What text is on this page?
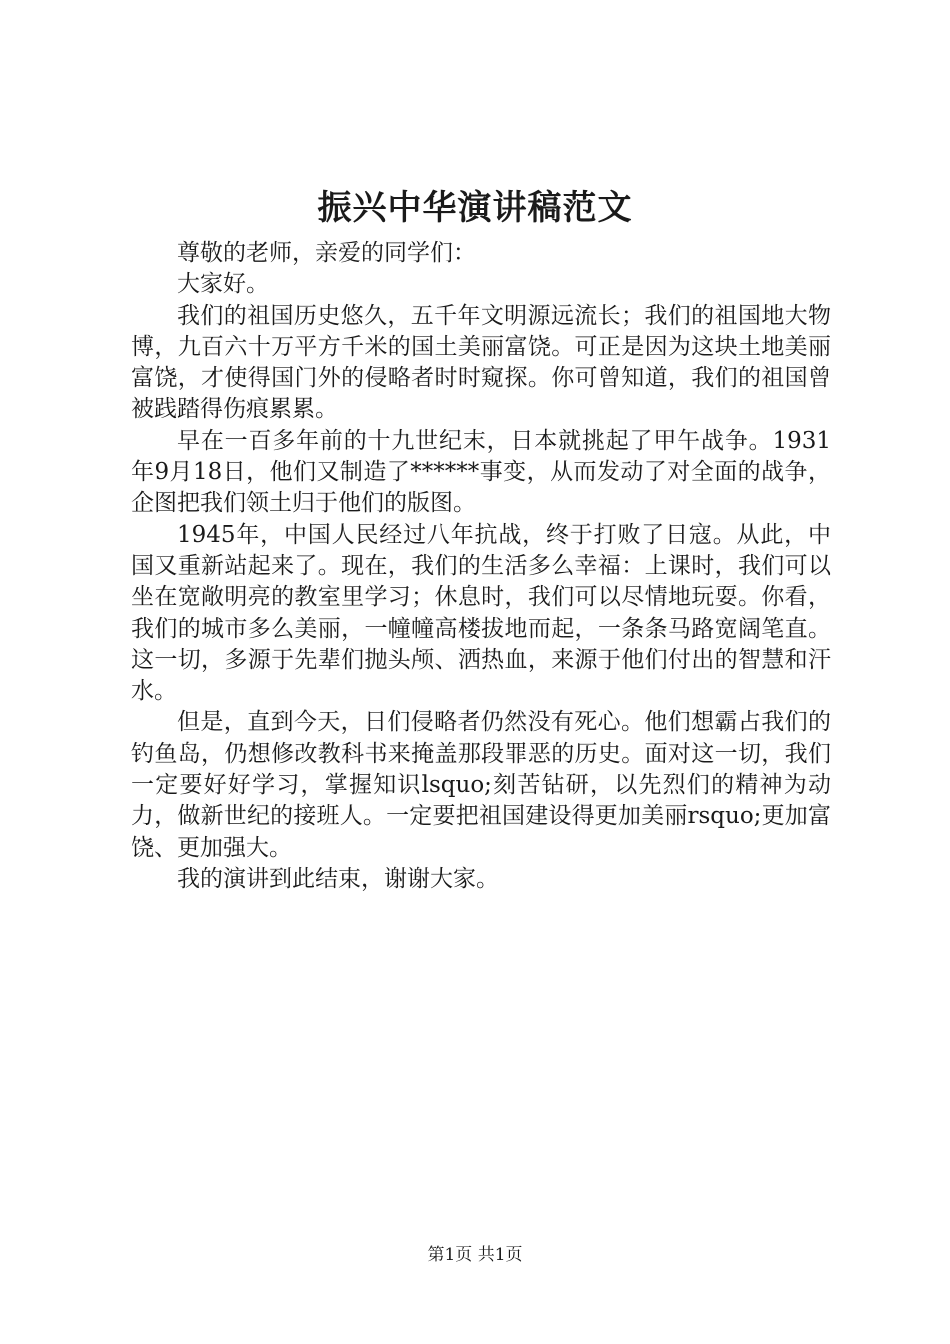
振兴中华演讲稿范文

尊敬的老师，亲爱的同学们：

大家好。

我们的祖国历史悠久，五千年文明源远流长；我们的祖国地大物博，九百六十万平方千米的国土美丽富饶。可正是因为这块土地美丽富饶，才使得国门外的侵略者时时窥探。你可曾知道，我们的祖国曾被践踏得伤痕累累。

早在一百多年前的十九世纪末，日本就挑起了甲午战争。1931年9月18日，他们又制造了******事变，从而发动了对全面的战争，企图把我们领土归于他们的版图。

1945年，中国人民经过八年抗战，终于打败了日寇。从此，中国又重新站起来了。现在，我们的生活多么幸福：上课时，我们可以坐在宽敞明亮的教室里学习；休息时，我们可以尽情地玩耍。你看，我们的城市多么美丽，一幢幢高楼拔地而起，一条条马路宽阔笔直。这一切，多源于先辈们抛头颅、洒热血，来源于他们付出的智慧和汗水。

但是，直到今天，日们侵略者仍然没有死心。他们想霸占我们的钓鱼岛，仍想修改教科书来掩盖那段罪恶的历史。面对这一切，我们一定要好好学习，掌握知识lsquo;刻苦钻研，以先烈们的精神为动力，做新世纪的接班人。一定要把祖国建设得更加美丽rsquo;更加富饶、更加强大。

我的演讲到此结束，谢谢大家。

第1页 共1页
